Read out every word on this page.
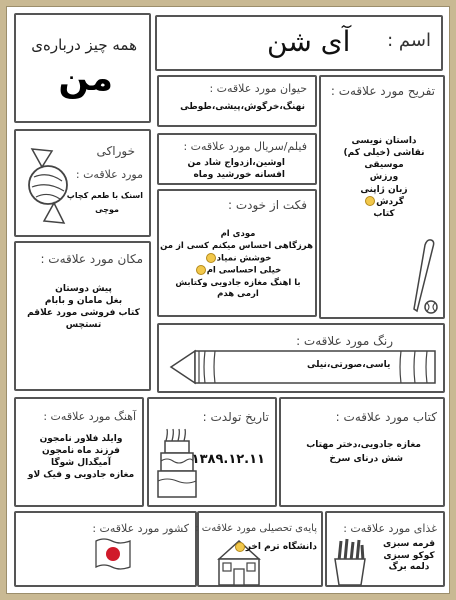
اسم :
آی شن
همه چیز درباره‌ی
من	حیوان مورد علاقه‌ت :
نهنگ،خرگوش،پیشی،طوطی
تفریح مورد علاقه‌ت :
داستان نویسی
نقاشی (خیلی کم)
موسیقی
ورزش
زبان ژاپنی
گردش
کتاب
فیلم/سریال مورد علاقه‌ت :
اوشین،ازدواج شاد من
افسانه خورشید وماه
خوراکی
مورد علاقه‌ت :
اسنک با طعم کچاپ
موچی	فکت از خودت :
مودی ام
هرزگاهی احساس میکنم کسی از من
خوشش نمیاد
خیلی احساسی ام
با اهنگ مغازه جادویی وکتابش
ارمی هدم
مکان مورد علاقه‌ت :
پیش دوستان
بغل مامان و بابام
کتاب فروشی مورد علاقم
تستچس
رنگ مورد علاقه‌ت :
یاسی،صورتی،نیلی
آهنگ مورد علاقه‌ت :
وایلد فلاور نامجون
فرزند ماه نامجون
آمیگدال شوگا
مغازه جادویی و فیک لاو
تاریخ تولدت :
۱۳۸۹.۱۲.۱۱
کتاب مورد علاقه‌ت :
مغازه جادویی،دختر مهتاب
شش درنای سرخ
کشور مورد علاقه‌ت : پایه‌ی تحصیلی مورد علاقه‌ت :
دانشگاه ترم اخر
غذای مورد علاقه‌ت :
قرمه سبزی
کوکو سبزی
دلمه برگ
